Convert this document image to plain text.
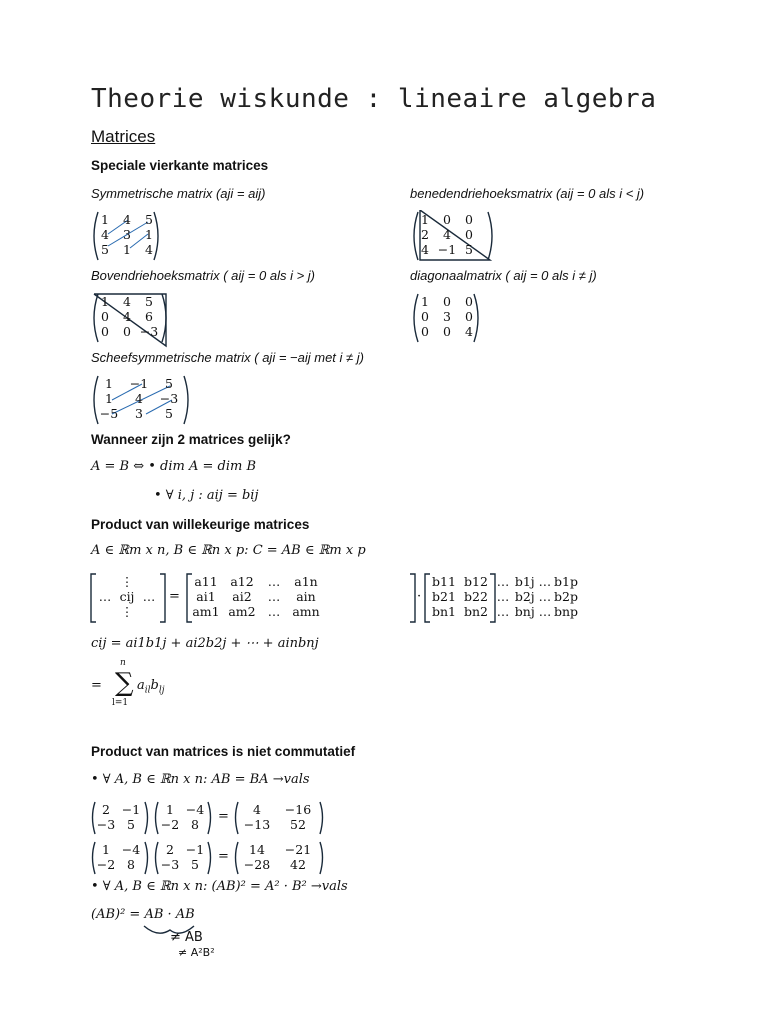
Theorie wiskunde : lineaire algebra
Matrices
Speciale vierkante matrices
Symmetrische matrix (aji = aij)	benedendriehoeksmatrix (aij = 0 als i < j)
1	4	5
4	3	1
5	1	4
1	0	0
2	4	0
4 −1 5
Bovendriehoeksmatrix ( aij = 0 als i > j)	diagonaalmatrix ( aij = 0 als i ≠ j)
1	4	5
0	4	6
0	0 −3
1	0	0
0	3	0
0	0	4
Scheefsymmetrische matrix ( aji = −aij met i ≠ j)
1	−1	5
1	4	−3
−5	3	5
Wanneer zijn 2 matrices gelijk?
A = B ⇔ • dim A = dim B
• ∀ i, j : aij = bij
Product van willekeurige matrices
A ∈ ℝm x n, B ∈ ℝn x p: C = AB ∈ ℝm x p
⋮
… cij …
⋮
=
a11	a12	…	a1n
ai1	ai2	…	ain
am1 am2 … amn
·
b11 b12 … b1j … b1p
b21 b22 … b2j … b2p
bn1 bn2 … bnj … bnp
cij = ai1b1j + ai2b2j + ⋯ + ainbnj
= ∑
n
l=1
$a_{il}b_{lj}$
Product van matrices is niet commutatief
• ∀ A, B ∈ ℝn x n: AB = BA →vals
2 −1
−3 5
1 −4
−2 8
=	4	−16
−13	52
1 −4
−2 8
2 −1
−3 5
=	14	−21
−28	42
• ∀ A, B ∈ ℝn x n: (AB)² = A² · B² →vals
(AB)² = AB · AB
≠ AB
≠ A²B²
